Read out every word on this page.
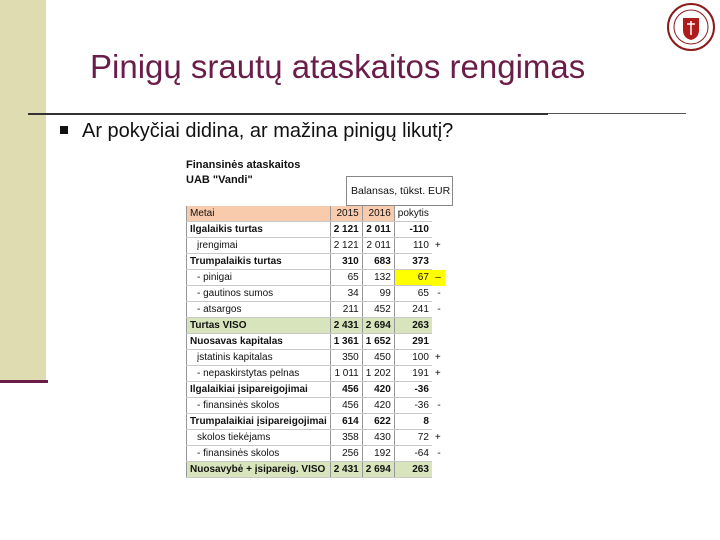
Pinigų srautų ataskaitos rengimas
Ar pokyčiai didina, ar mažina pinigų likutį?
Finansinės ataskaitos
UAB "Vandi"
Balansas, tūkst. EUR
Metai	2015	2016	pokytis	
Ilgalaikis turtas	2 121	2 011	-110	
įrengimai	2 121	2 011	110	+
Trumpalaikis turtas	310	683	373	
- pinigai	65	132	67	–
- gautinos sumos	34	99	65	-
- atsargos	211	452	241	-
Turtas VISO	2 431	2 694	263	
Nuosavas kapitalas	1 361	1 652	291	
įstatinis kapitalas	350	450	100	+
- nepaskirstytas pelnas	1 011	1 202	191	+
Ilgalaikiai įsipareigojimai	456	420	-36	
- finansinės skolos	456	420	-36	-
Trumpalaikiai įsipareigojimai	614	622	8	
skolos tiekėjams	358	430	72	+
- finansinės skolos	256	192	-64	-
Nuosavybė + įsipareig. VISO	2 431	2 694	263	
